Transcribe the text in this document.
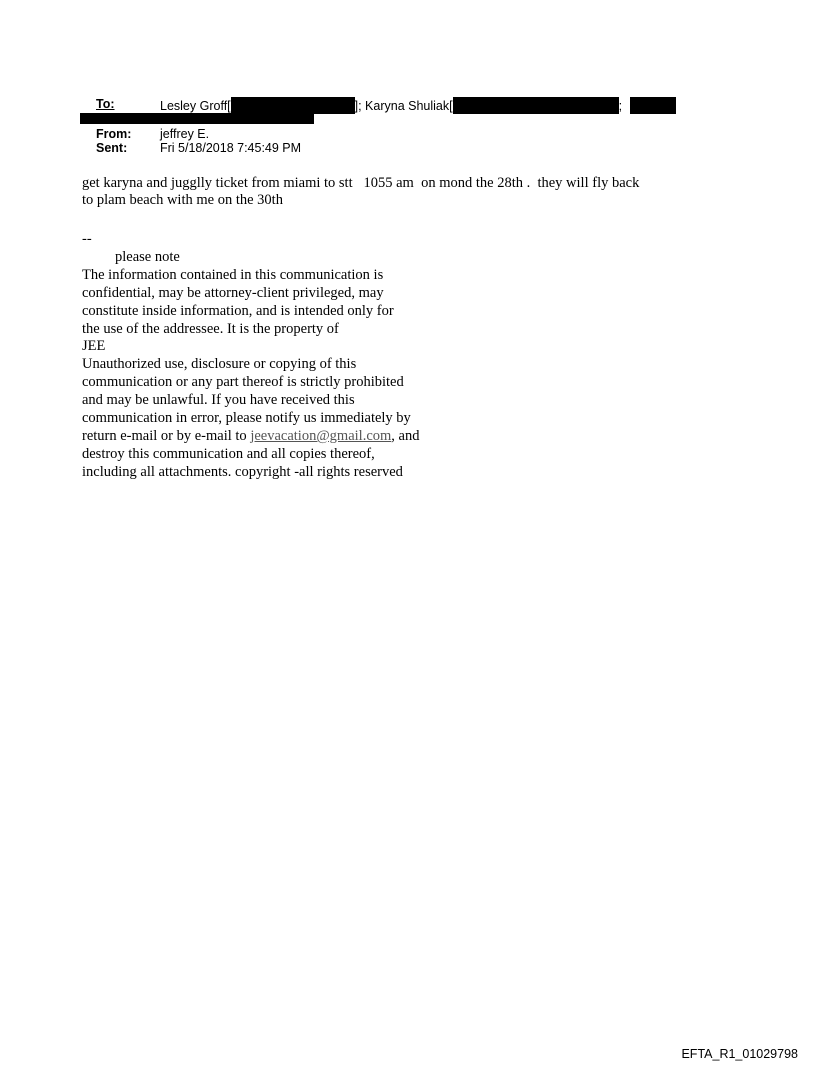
To:	Lesley Groff[	]; Karyna Shuliak[	;
From: jeffrey E.
Sent:	Fri 5/18/2018 7:45:49 PM
get karyna and jugglly ticket from miami to stt   1055 am  on mond the 28th .  they will fly back
to plam beach with me on the 30th
--
please note
The information contained in this communication is
confidential, may be attorney-client privileged, may
constitute inside information, and is intended only for
the use of the addressee. It is the property of
JEE
Unauthorized use, disclosure or copying of this
communication or any part thereof is strictly prohibited
and may be unlawful. If you have received this
communication in error, please notify us immediately by
return e-mail or by e-mail to jeevacation@gmail.com, and
destroy this communication and all copies thereof,
including all attachments. copyright -all rights reserved
EFTA_R1_01029798
